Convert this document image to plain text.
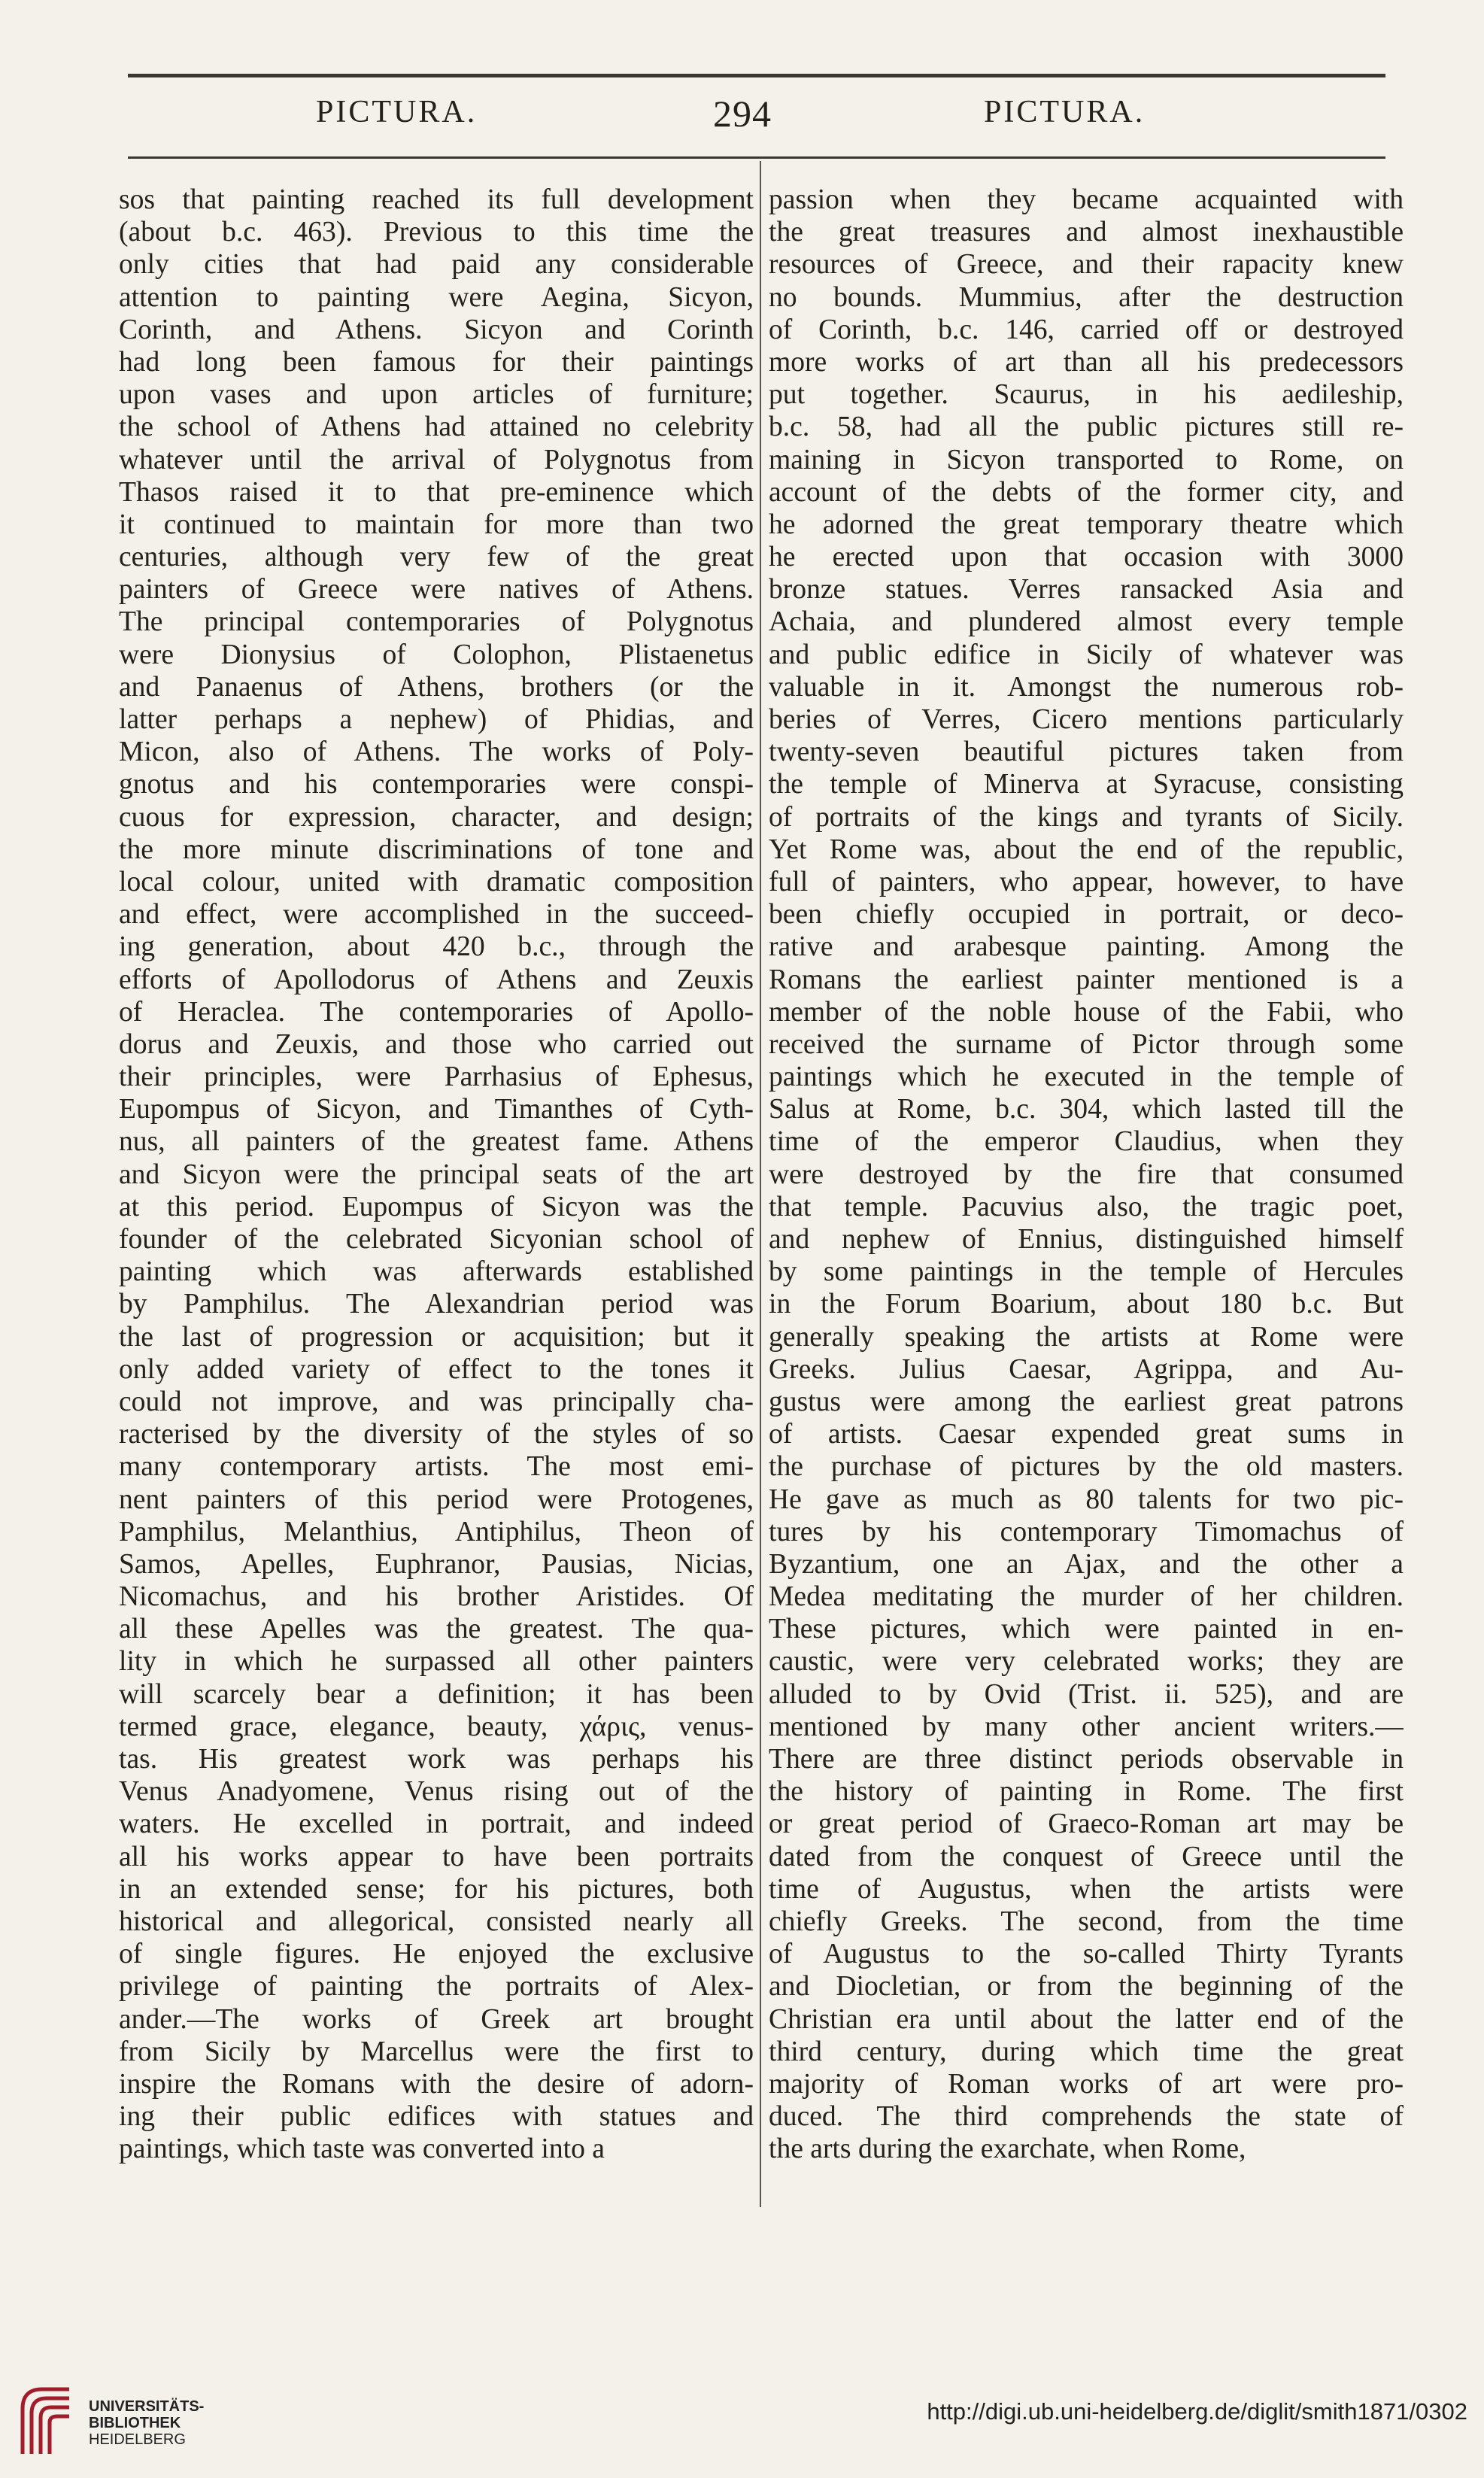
PICTURA.	294	PICTURA.
sos that painting reached its full development
(about b.c. 463). Previous to this time the
only cities that had paid any considerable
attention to painting were Aegina, Sicyon,
Corinth, and Athens. Sicyon and Corinth
had long been famous for their paintings
upon vases and upon articles of furniture;
the school of Athens had attained no celebrity
whatever until the arrival of Polygnotus from
Thasos raised it to that pre-eminence which
it continued to maintain for more than two
centuries, although very few of the great
painters of Greece were natives of Athens.
The principal contemporaries of Polygnotus
were Dionysius of Colophon, Plistaenetus
and Panaenus of Athens, brothers (or the
latter perhaps a nephew) of Phidias, and
Micon, also of Athens. The works of Poly-
gnotus and his contemporaries were conspi-
cuous for expression, character, and design;
the more minute discriminations of tone and
local colour, united with dramatic composition
and effect, were accomplished in the succeed-
ing generation, about 420 b.c., through the
efforts of Apollodorus of Athens and Zeuxis
of Heraclea. The contemporaries of Apollo-
dorus and Zeuxis, and those who carried out
their principles, were Parrhasius of Ephesus,
Eupompus of Sicyon, and Timanthes of Cyth-
nus, all painters of the greatest fame. Athens
and Sicyon were the principal seats of the art
at this period. Eupompus of Sicyon was the
founder of the celebrated Sicyonian school of
painting which was afterwards established
by Pamphilus. The Alexandrian period was
the last of progression or acquisition; but it
only added variety of effect to the tones it
could not improve, and was principally cha-
racterised by the diversity of the styles of so
many contemporary artists. The most emi-
nent painters of this period were Protogenes,
Pamphilus, Melanthius, Antiphilus, Theon of
Samos, Apelles, Euphranor, Pausias, Nicias,
Nicomachus, and his brother Aristides. Of
all these Apelles was the greatest. The qua-
lity in which he surpassed all other painters
will scarcely bear a definition; it has been
termed grace, elegance, beauty, χάρις, venus-
tas. His greatest work was perhaps his
Venus Anadyomene, Venus rising out of the
waters. He excelled in portrait, and indeed
all his works appear to have been portraits
in an extended sense; for his pictures, both
historical and allegorical, consisted nearly all
of single figures. He enjoyed the exclusive
privilege of painting the portraits of Alex-
ander.—The works of Greek art brought
from Sicily by Marcellus were the first to
inspire the Romans with the desire of adorn-
ing their public edifices with statues and
paintings, which taste was converted into a
passion when they became acquainted with
the great treasures and almost inexhaustible
resources of Greece, and their rapacity knew
no bounds. Mummius, after the destruction
of Corinth, b.c. 146, carried off or destroyed
more works of art than all his predecessors
put together. Scaurus, in his aedileship,
b.c. 58, had all the public pictures still re-
maining in Sicyon transported to Rome, on
account of the debts of the former city, and
he adorned the great temporary theatre which
he erected upon that occasion with 3000
bronze statues. Verres ransacked Asia and
Achaia, and plundered almost every temple
and public edifice in Sicily of whatever was
valuable in it. Amongst the numerous rob-
beries of Verres, Cicero mentions particularly
twenty-seven beautiful pictures taken from
the temple of Minerva at Syracuse, consisting
of portraits of the kings and tyrants of Sicily.
Yet Rome was, about the end of the republic,
full of painters, who appear, however, to have
been chiefly occupied in portrait, or deco-
rative and arabesque painting. Among the
Romans the earliest painter mentioned is a
member of the noble house of the Fabii, who
received the surname of Pictor through some
paintings which he executed in the temple of
Salus at Rome, b.c. 304, which lasted till the
time of the emperor Claudius, when they
were destroyed by the fire that consumed
that temple. Pacuvius also, the tragic poet,
and nephew of Ennius, distinguished himself
by some paintings in the temple of Hercules
in the Forum Boarium, about 180 b.c. But
generally speaking the artists at Rome were
Greeks. Julius Caesar, Agrippa, and Au-
gustus were among the earliest great patrons
of artists. Caesar expended great sums in
the purchase of pictures by the old masters.
He gave as much as 80 talents for two pic-
tures by his contemporary Timomachus of
Byzantium, one an Ajax, and the other a
Medea meditating the murder of her children.
These pictures, which were painted in en-
caustic, were very celebrated works; they are
alluded to by Ovid (Trist. ii. 525), and are
mentioned by many other ancient writers.—
There are three distinct periods observable in
the history of painting in Rome. The first
or great period of Graeco-Roman art may be
dated from the conquest of Greece until the
time of Augustus, when the artists were
chiefly Greeks. The second, from the time
of Augustus to the so-called Thirty Tyrants
and Diocletian, or from the beginning of the
Christian era until about the latter end of the
third century, during which time the great
majority of Roman works of art were pro-
duced. The third comprehends the state of
the arts during the exarchate, when Rome,
UNIVERSITÄTS-
BIBLIOTHEK
HEIDELBERG
http://digi.ub.uni-heidelberg.de/diglit/smith1871/0302
